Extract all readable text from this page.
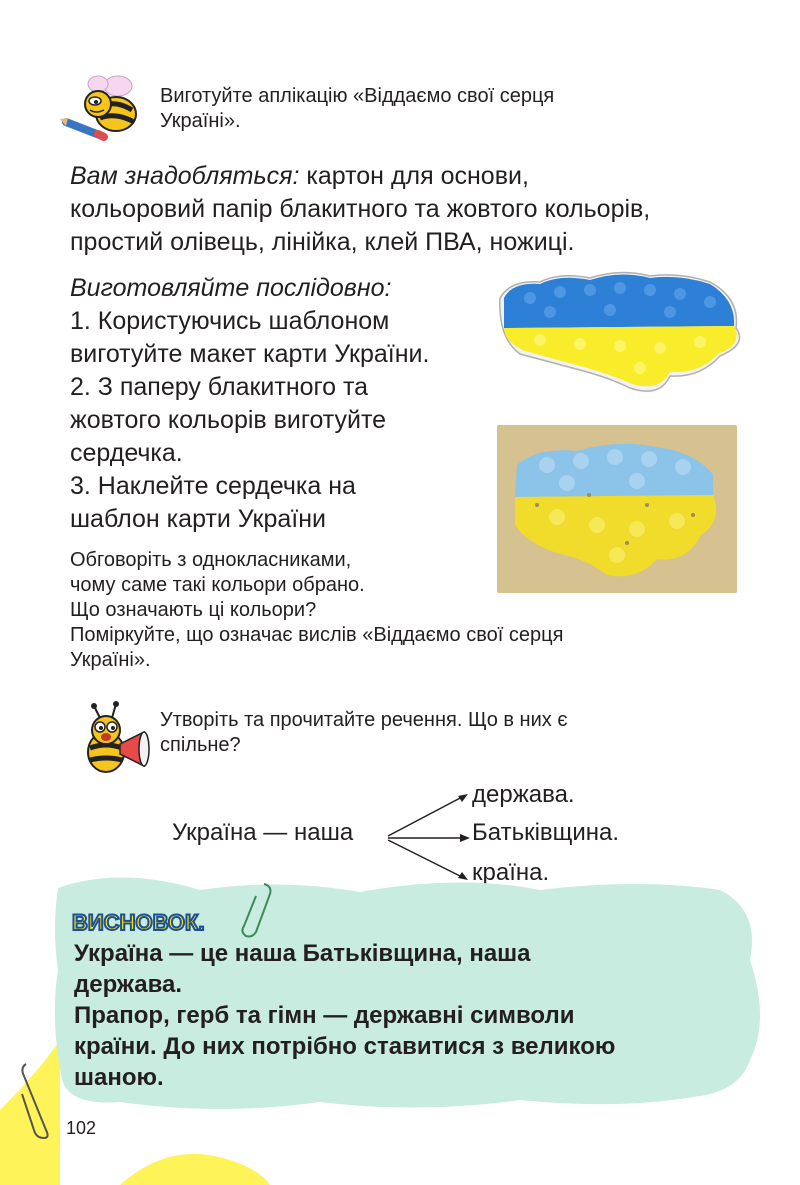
Виготуйте аплікацію «Віддаємо свої серця
Україні».
Вам знадобляться: картон для основи,
кольоровий папір блакитного та жовтого кольорів,
простий олівець, лінійка, клей ПВА, ножиці.
Виготовляйте послідовно:
1. Користуючись шаблоном
виготуйте макет карти України.
2. З паперу блакитного та
жовтого кольорів виготуйте
сердечка.
3. Наклейте сердечка на
шаблон карти України
Обговоріть з однокласниками,
чому саме такі кольори обрано.
Що означають ці кольори?
Поміркуйте, що означає вислів «Віддаємо свої серця
Україні».
Утворіть та прочитайте речення. Що в них є
спільне?
Україна — наша
держава.
Батьківщина.
країна.
ВИСНОВОК.
Україна — це наша Батьківщина, наша
держава.
Прапор, герб та гімн — державні символи
країни. До них потрібно ставитися з великою
шаною.
102
